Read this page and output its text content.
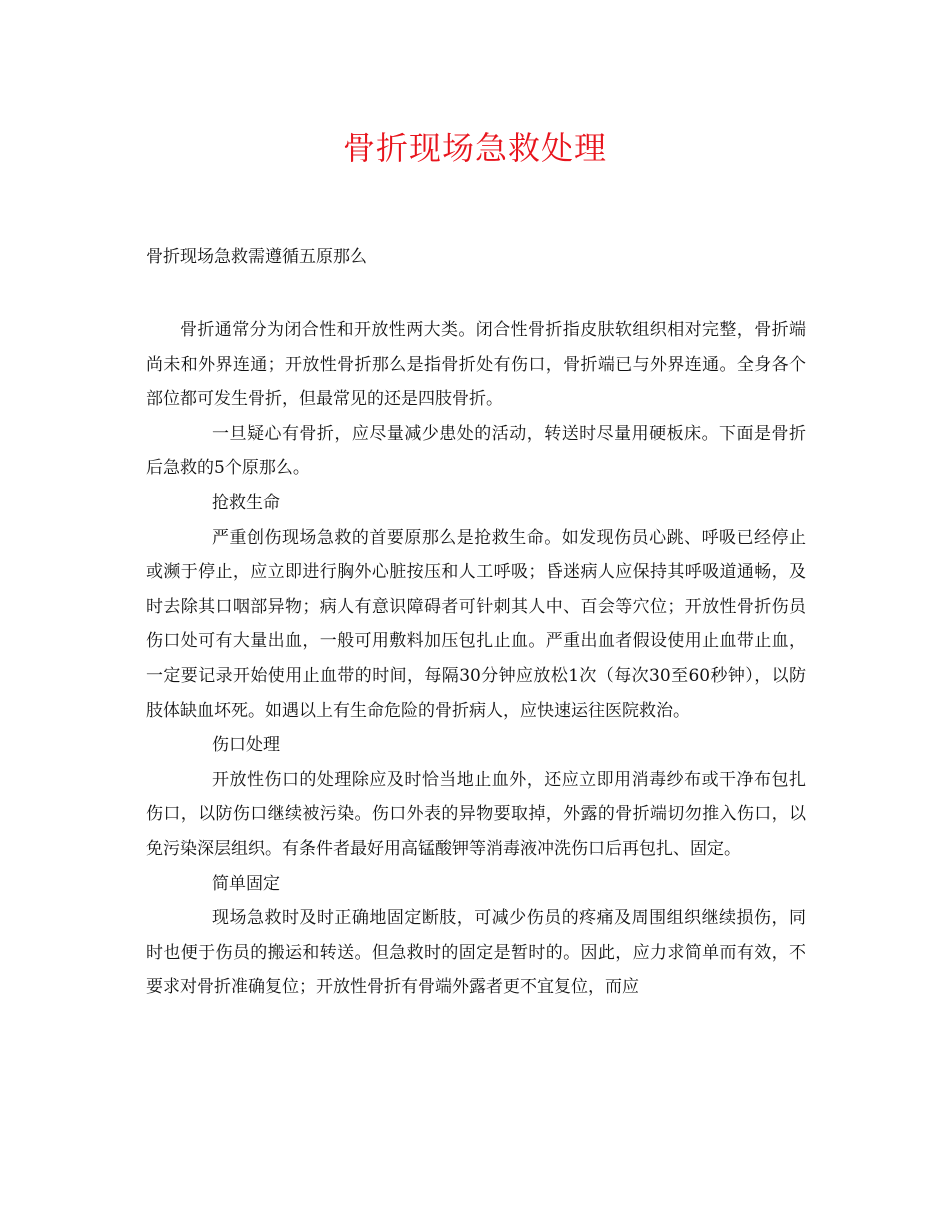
骨折现场急救处理

骨折现场急救需遵循五原那么

骨折通常分为闭合性和开放性两大类。闭合性骨折指皮肤软组织相对完整，骨折端尚未和外界连通；开放性骨折那么是指骨折处有伤口，骨折端已与外界连通。全身各个部位都可发生骨折，但最常见的还是四肢骨折。

一旦疑心有骨折，应尽量减少患处的活动，转送时尽量用硬板床。下面是骨折后急救的5个原那么。

抢救生命

严重创伤现场急救的首要原那么是抢救生命。如发现伤员心跳、呼吸已经停止或濒于停止，应立即进行胸外心脏按压和人工呼吸；昏迷病人应保持其呼吸道通畅，及时去除其口咽部异物；病人有意识障碍者可针刺其人中、百会等穴位；开放性骨折伤员伤口处可有大量出血，一般可用敷料加压包扎止血。严重出血者假设使用止血带止血，一定要记录开始使用止血带的时间，每隔30分钟应放松1次（每次30至60秒钟），以防肢体缺血坏死。如遇以上有生命危险的骨折病人，应快速运往医院救治。

伤口处理

开放性伤口的处理除应及时恰当地止血外，还应立即用消毒纱布或干净布包扎伤口，以防伤口继续被污染。伤口外表的异物要取掉，外露的骨折端切勿推入伤口，以免污染深层组织。有条件者最好用高锰酸钾等消毒液冲洗伤口后再包扎、固定。

简单固定

现场急救时及时正确地固定断肢，可减少伤员的疼痛及周围组织继续损伤，同时也便于伤员的搬运和转送。但急救时的固定是暂时的。因此，应力求简单而有效，不要求对骨折准确复位；开放性骨折有骨端外露者更不宜复位，而应
